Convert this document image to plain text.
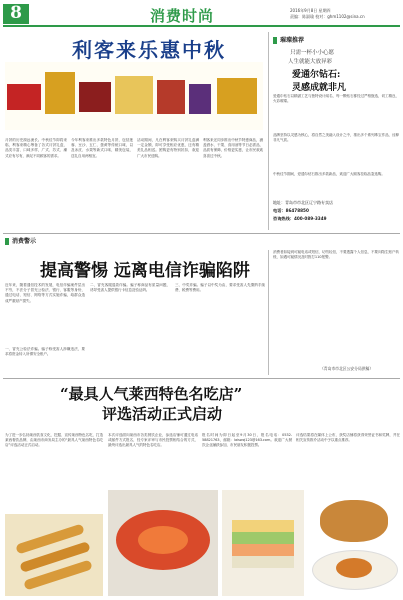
8	消费时尚	2016年9月8日 星期四
责编：陈淑瑜 校对：ghm1102@sina.cn
利客来乐惠中秋
月饼的历史源远流长。中秋佳节即将来临，利客来精心筹备了各式月饼礼盒，品类丰富、口味多样，广式、苏式、潮式应有尽有，满足不同顾客的需求。
今年利客来推出多款特色月饼，包括莲蓉、豆沙、五仁、蛋黄等传统口味，以及冰皮、水果等新式口味，精美包装，送礼自用两相宜。
活动期间，凡在利客来购买月饼礼盒满一定金额，即可享受相应优惠，还有精美礼品相送。团购更有特别折扣，欢迎广大市民选购。
利客来还同步推出中秋节特惠商品，涵盖酒水、干果、食用油等节日必需品，品质有保障，价格更实惠，让市民欢欢喜喜过中秋。
璀璨推荐
只需一杯小小心愿
人生就能大放异彩
爱通尔钻石:
灵感成就非凡
爱通尔钻石以精湛工艺与独特设计闻名，每一颗钻石都经过严格甄选，切工精良，火彩璀璨。
品牌坚持以灵感为核心，将自然之美融入设计之中，推出多个系列珠宝作品，诠释非凡气质。
中秋佳节期间，爱通尔钻石推出多款新品，欢迎广大顾客莅临品鉴选购。
地址：青岛市市北区辽宁路专卖店
电话：86478850
咨询热线：400-089-3349
消费警示
提高警惕 远离电信诈骗陷阱
近年来，随着通信技术的发展，电信诈骗案件层出不穷，不法分子冒充公检法、银行、客服等身份，通过电话、短信、网络等方式实施诈骗，给群众造成严重财产损失。
一、冒充公检法诈骗。骗子称受害人涉嫌违法，要求将资金转入所谓安全账户。
二、冒充客服退款诈骗。骗子称商品有质量问题，诱导受害人提供银行卡信息及验证码。
三、中奖诈骗。骗子以中奖为由，要求受害人先缴纳手续费、税费等费用。
消费者如接到可疑电话或短信，切勿轻信，不要透露个人信息，不要向陌生账户转账，如遇可疑情况及时拨打110报警。
（青岛市市北区公安分局供稿）
“最具人气莱西特色名吃店”
评选活动正式启动
为了进一步弘扬莱西饮食文化，挖掘、宣传莱西特色名吃，打造莱西餐饮品牌，由莱西市商务局主办的“最具人气莱西特色名吃店”评选活动正式启动。
本次评选面向莱西市各类餐饮企业，参选店铺可通过电话或邮件方式报名，经专家评审与市民投票相结合的方式，最终评选出最具人气的特色名吃店。
报名时间为即日起至9月30日，报名电话：0532-58821763，邮箱：laiswzj123@163.com。欢迎广大餐饮企业踊跃参加，市民朋友积极投票。
评选结果将在媒体上公布，获奖店铺将获得荣誉证书和奖牌，并在相关宣传推介活动中予以重点推荐。
